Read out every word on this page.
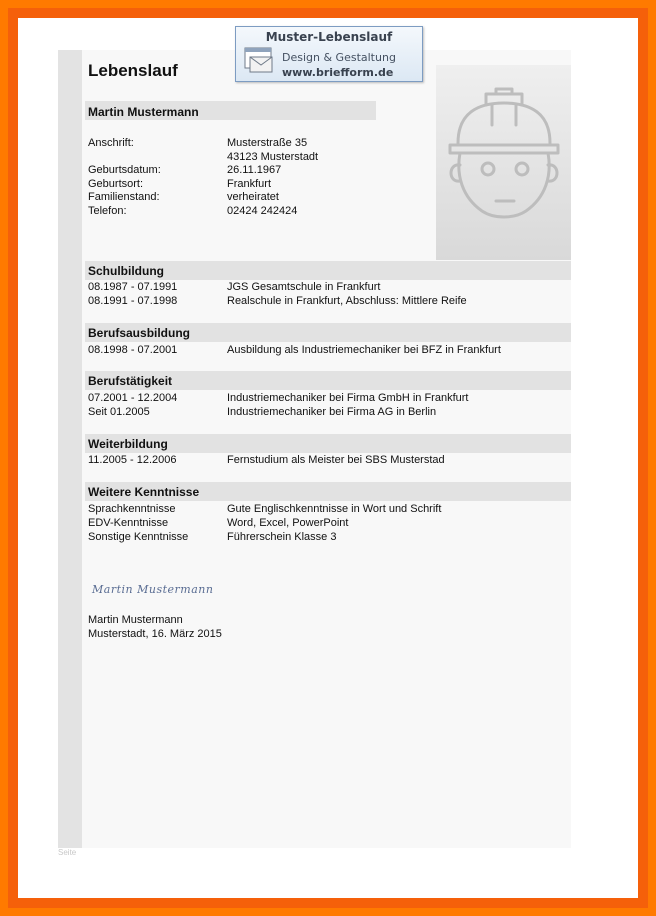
Seite
Muster-Lebenslauf
Design & Gestaltung
www.briefform.de
Lebenslauf
Martin Mustermann
Anschrift:	Musterstraße 35
43123 Musterstadt
Geburtsdatum:	26.11.1967
Geburtsort:	Frankfurt
Familienstand:	verheiratet
Telefon:	02424 242424
Schulbildung
08.1987 - 07.1991	JGS Gesamtschule in Frankfurt
08.1991 - 07.1998	Realschule in Frankfurt, Abschluss: Mittlere Reife
Berufsausbildung
08.1998 - 07.2001	Ausbildung als Industriemechaniker bei BFZ in Frankfurt
Berufstätigkeit
07.2001 - 12.2004	Industriemechaniker bei Firma GmbH in Frankfurt
Seit 01.2005	Industriemechaniker bei Firma AG in Berlin
Weiterbildung
11.2005 - 12.2006	Fernstudium als Meister bei SBS Musterstad
Weitere Kenntnisse
Sprachkenntnisse	Gute Englischkenntnisse in Wort und Schrift
EDV-Kenntnisse	Word, Excel, PowerPoint
Sonstige Kenntnisse	Führerschein Klasse 3
Martin Mustermann
Martin Mustermann
Musterstadt, 16. März 2015
